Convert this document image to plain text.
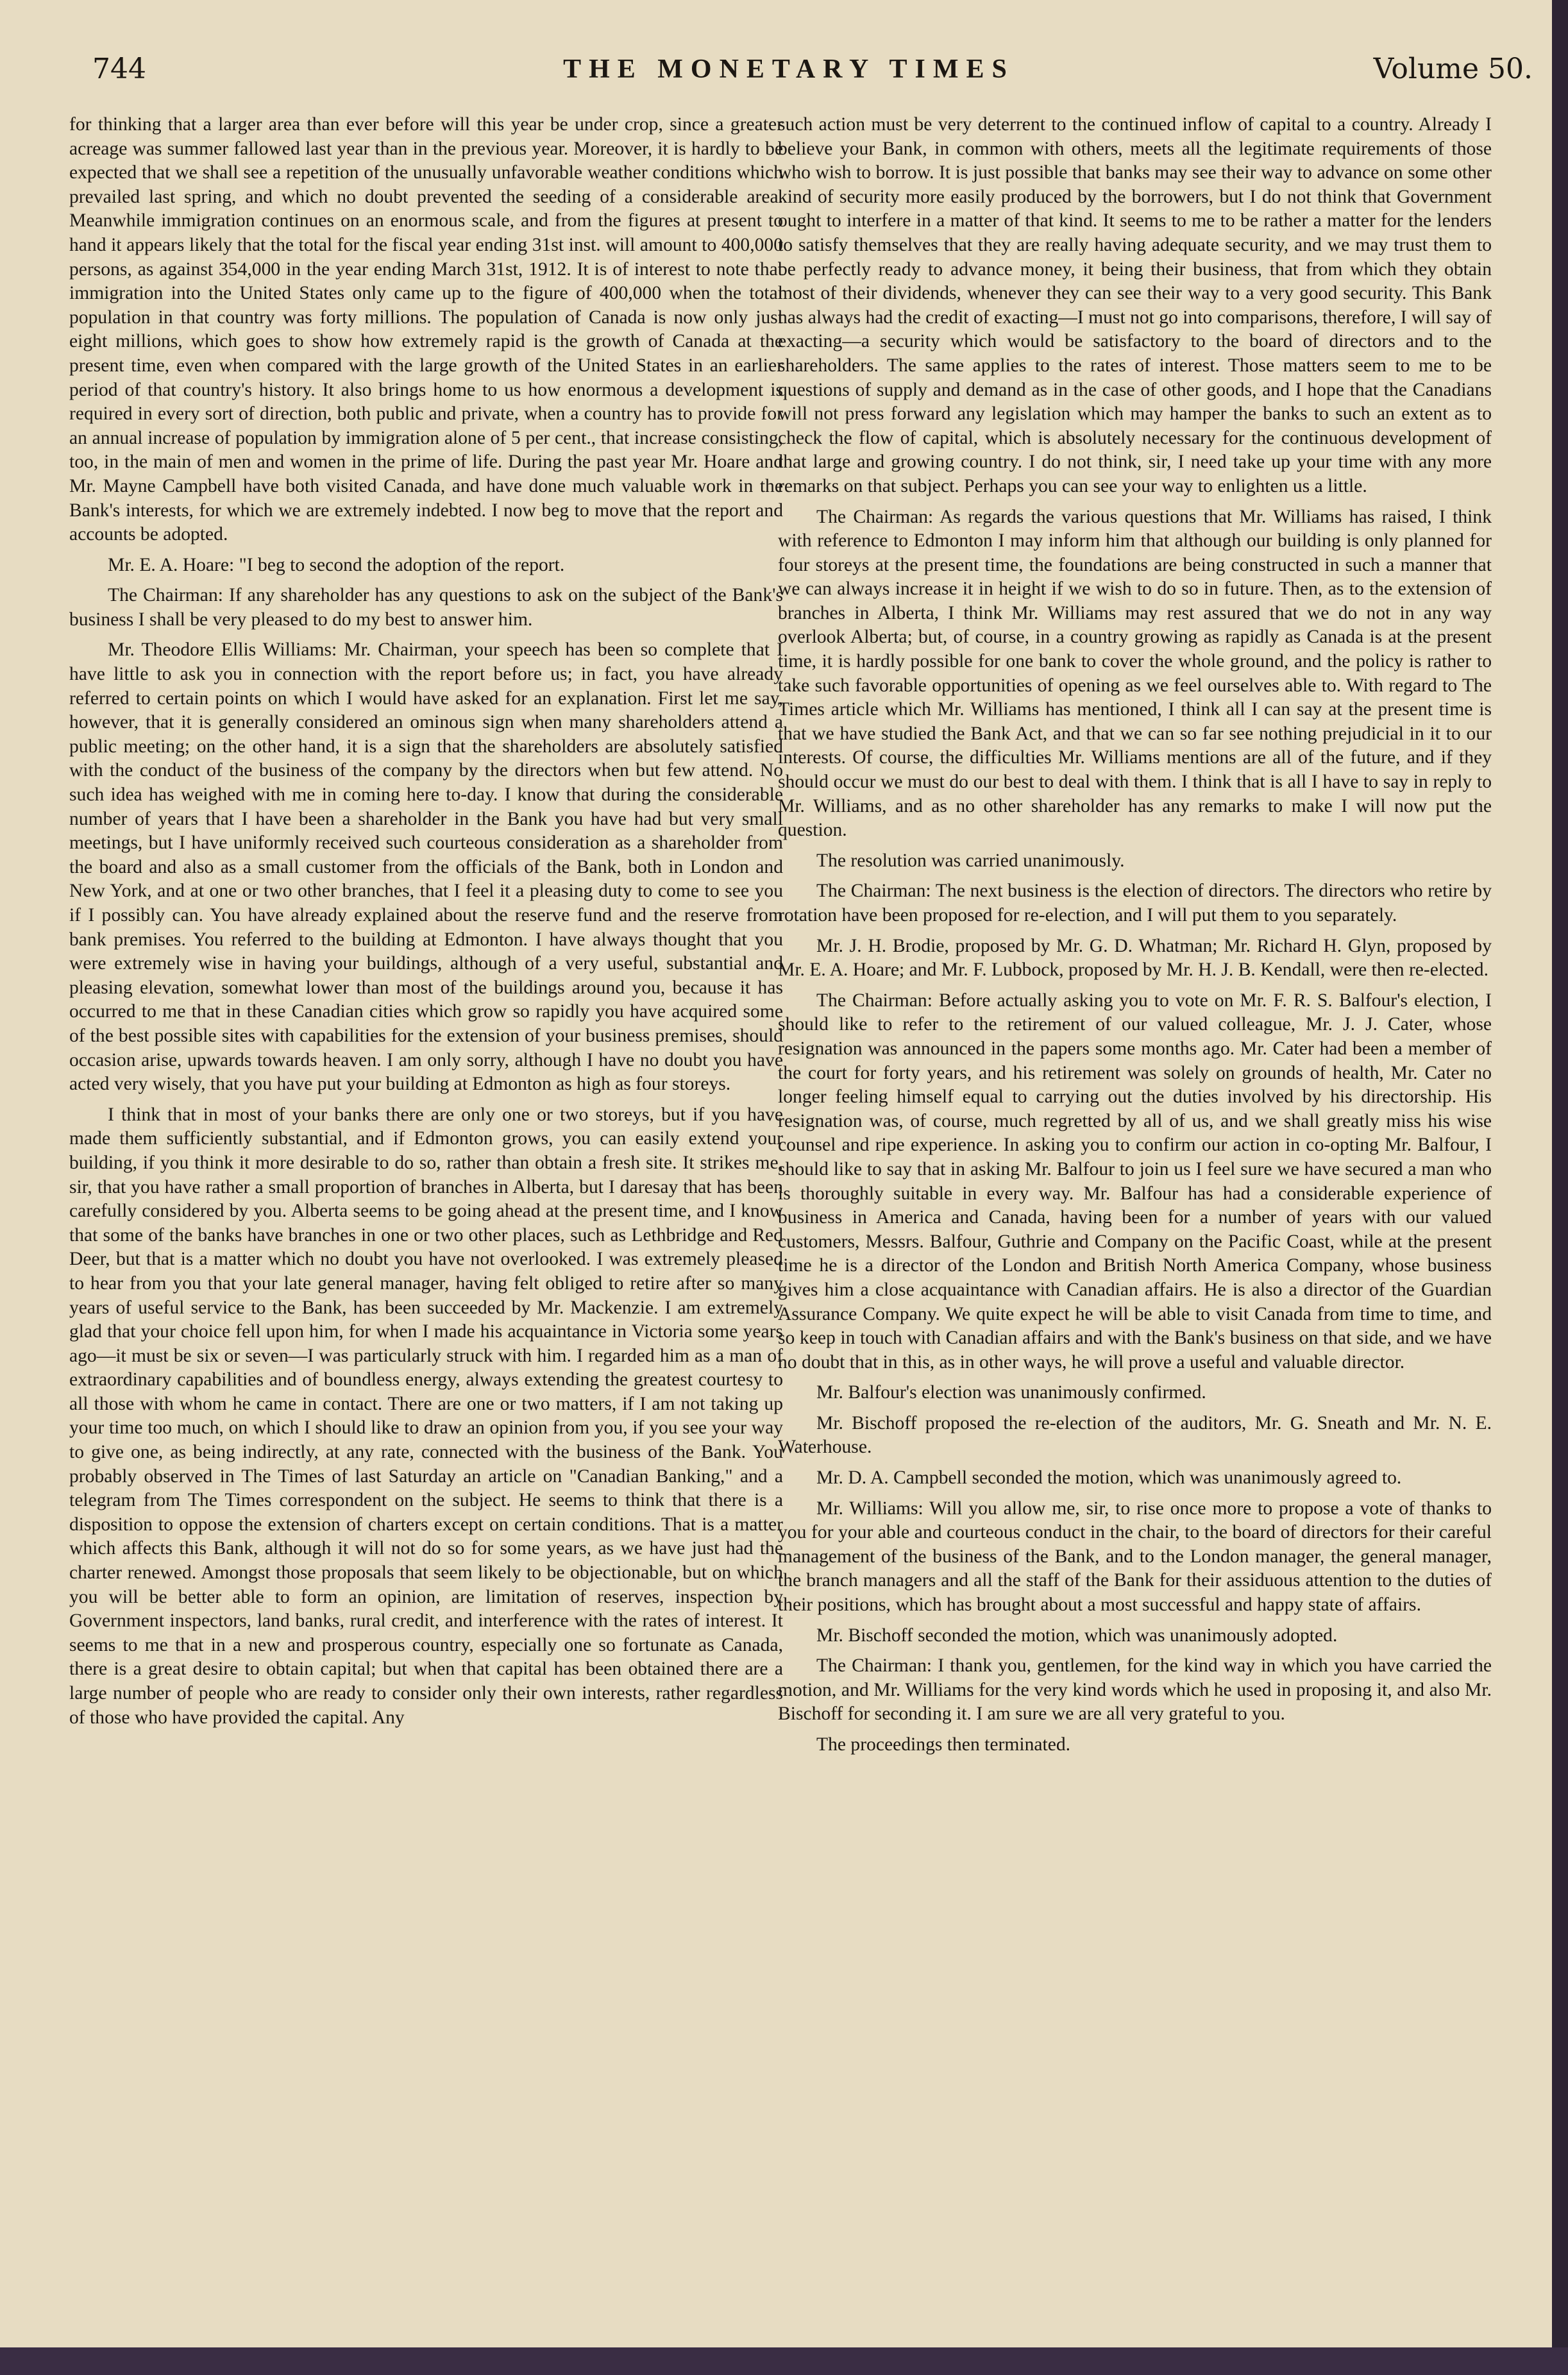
744	THE MONETARY TIMES	Volume 50.

for thinking that a larger area than ever before will this year be under crop, since a greater acreage was summer fallowed last year than in the previous year. Moreover, it is hardly to be expected that we shall see a repetition of the unusually unfavorable weather conditions which prevailed last spring, and which no doubt prevented the seeding of a considerable area. Meanwhile immigration continues on an enormous scale, and from the figures at present to hand it appears likely that the total for the fiscal year ending 31st inst. will amount to 400,000 persons, as against 354,000 in the year ending March 31st, 1912. It is of interest to note that immigration into the United States only came up to the figure of 400,000 when the total population in that country was forty millions. The population of Canada is now only just eight millions, which goes to show how extremely rapid is the growth of Canada at the present time, even when compared with the large growth of the United States in an earlier period of that country's history. It also brings home to us how enormous a development is required in every sort of direction, both public and private, when a country has to provide for an annual increase of population by immigration alone of 5 per cent., that increase consisting, too, in the main of men and women in the prime of life. During the past year Mr. Hoare and Mr. Mayne Campbell have both visited Canada, and have done much valuable work in the Bank's interests, for which we are extremely indebted. I now beg to move that the report and accounts be adopted.

Mr. E. A. Hoare: "I beg to second the adoption of the report.

The Chairman: If any shareholder has any questions to ask on the subject of the Bank's business I shall be very pleased to do my best to answer him.

Mr. Theodore Ellis Williams: Mr. Chairman, your speech has been so complete that I have little to ask you in connection with the report before us; in fact, you have already referred to certain points on which I would have asked for an explanation. First let me say, however, that it is generally considered an ominous sign when many shareholders attend a public meeting; on the other hand, it is a sign that the shareholders are absolutely satisfied with the conduct of the business of the company by the directors when but few attend. No such idea has weighed with me in coming here to-day. I know that during the considerable number of years that I have been a shareholder in the Bank you have had but very small meetings, but I have uniformly received such courteous consideration as a shareholder from the board and also as a small customer from the officials of the Bank, both in London and New York, and at one or two other branches, that I feel it a pleasing duty to come to see you if I possibly can. You have already explained about the reserve fund and the reserve from bank premises. You referred to the building at Edmonton. I have always thought that you were extremely wise in having your buildings, although of a very useful, substantial and pleasing elevation, somewhat lower than most of the buildings around you, because it has occurred to me that in these Canadian cities which grow so rapidly you have acquired some of the best possible sites with capabilities for the extension of your business premises, should occasion arise, upwards towards heaven. I am only sorry, although I have no doubt you have acted very wisely, that you have put your building at Edmonton as high as four storeys.

I think that in most of your banks there are only one or two storeys, but if you have made them sufficiently substantial, and if Edmonton grows, you can easily extend your building, if you think it more desirable to do so, rather than obtain a fresh site. It strikes me, sir, that you have rather a small proportion of branches in Alberta, but I daresay that has been carefully considered by you. Alberta seems to be going ahead at the present time, and I know that some of the banks have branches in one or two other places, such as Lethbridge and Red Deer, but that is a matter which no doubt you have not overlooked. I was extremely pleased to hear from you that your late general manager, having felt obliged to retire after so many years of useful service to the Bank, has been succeeded by Mr. Mackenzie. I am extremely glad that your choice fell upon him, for when I made his acquaintance in Victoria some years ago—it must be six or seven—I was particularly struck with him. I regarded him as a man of extraordinary capabilities and of boundless energy, always extending the greatest courtesy to all those with whom he came in contact. There are one or two matters, if I am not taking up your time too much, on which I should like to draw an opinion from you, if you see your way to give one, as being indirectly, at any rate, connected with the business of the Bank. You probably observed in The Times of last Saturday an article on "Canadian Banking," and a telegram from The Times correspondent on the subject. He seems to think that there is a disposition to oppose the extension of charters except on certain conditions. That is a matter which affects this Bank, although it will not do so for some years, as we have just had the charter renewed. Amongst those proposals that seem likely to be objectionable, but on which you will be better able to form an opinion, are limitation of reserves, inspection by Government inspectors, land banks, rural credit, and interference with the rates of interest. It seems to me that in a new and prosperous country, especially one so fortunate as Canada, there is a great desire to obtain capital; but when that capital has been obtained there are a large number of people who are ready to consider only their own interests, rather regardless of those who have provided the capital. Any

such action must be very deterrent to the continued inflow of capital to a country. Already I believe your Bank, in common with others, meets all the legitimate requirements of those who wish to borrow. It is just possible that banks may see their way to advance on some other kind of security more easily produced by the borrowers, but I do not think that Government ought to interfere in a matter of that kind. It seems to me to be rather a matter for the lenders to satisfy themselves that they are really having adequate security, and we may trust them to be perfectly ready to advance money, it being their business, that from which they obtain most of their dividends, whenever they can see their way to a very good security. This Bank has always had the credit of exacting—I must not go into comparisons, therefore, I will say of exacting—a security which would be satisfactory to the board of directors and to the shareholders. The same applies to the rates of interest. Those matters seem to me to be questions of supply and demand as in the case of other goods, and I hope that the Canadians will not press forward any legislation which may hamper the banks to such an extent as to check the flow of capital, which is absolutely necessary for the continuous development of that large and growing country. I do not think, sir, I need take up your time with any more remarks on that subject. Perhaps you can see your way to enlighten us a little.

The Chairman: As regards the various questions that Mr. Williams has raised, I think with reference to Edmonton I may inform him that although our building is only planned for four storeys at the present time, the foundations are being constructed in such a manner that we can always increase it in height if we wish to do so in future. Then, as to the extension of branches in Alberta, I think Mr. Williams may rest assured that we do not in any way overlook Alberta; but, of course, in a country growing as rapidly as Canada is at the present time, it is hardly possible for one bank to cover the whole ground, and the policy is rather to take such favorable opportunities of opening as we feel ourselves able to. With regard to The Times article which Mr. Williams has mentioned, I think all I can say at the present time is that we have studied the Bank Act, and that we can so far see nothing prejudicial in it to our interests. Of course, the difficulties Mr. Williams mentions are all of the future, and if they should occur we must do our best to deal with them. I think that is all I have to say in reply to Mr. Williams, and as no other shareholder has any remarks to make I will now put the question.

The resolution was carried unanimously.

The Chairman: The next business is the election of directors. The directors who retire by rotation have been proposed for re-election, and I will put them to you separately.

Mr. J. H. Brodie, proposed by Mr. G. D. Whatman; Mr. Richard H. Glyn, proposed by Mr. E. A. Hoare; and Mr. F. Lubbock, proposed by Mr. H. J. B. Kendall, were then re-elected.

The Chairman: Before actually asking you to vote on Mr. F. R. S. Balfour's election, I should like to refer to the retirement of our valued colleague, Mr. J. J. Cater, whose resignation was announced in the papers some months ago. Mr. Cater had been a member of the court for forty years, and his retirement was solely on grounds of health, Mr. Cater no longer feeling himself equal to carrying out the duties involved by his directorship. His resignation was, of course, much regretted by all of us, and we shall greatly miss his wise counsel and ripe experience. In asking you to confirm our action in co-opting Mr. Balfour, I should like to say that in asking Mr. Balfour to join us I feel sure we have secured a man who is thoroughly suitable in every way. Mr. Balfour has had a considerable experience of business in America and Canada, having been for a number of years with our valued customers, Messrs. Balfour, Guthrie and Company on the Pacific Coast, while at the present time he is a director of the London and British North America Company, whose business gives him a close acquaintance with Canadian affairs. He is also a director of the Guardian Assurance Company. We quite expect he will be able to visit Canada from time to time, and so keep in touch with Canadian affairs and with the Bank's business on that side, and we have no doubt that in this, as in other ways, he will prove a useful and valuable director.

Mr. Balfour's election was unanimously confirmed.

Mr. Bischoff proposed the re-election of the auditors, Mr. G. Sneath and Mr. N. E. Waterhouse.

Mr. D. A. Campbell seconded the motion, which was unanimously agreed to.

Mr. Williams: Will you allow me, sir, to rise once more to propose a vote of thanks to you for your able and courteous conduct in the chair, to the board of directors for their careful management of the business of the Bank, and to the London manager, the general manager, the branch managers and all the staff of the Bank for their assiduous attention to the duties of their positions, which has brought about a most successful and happy state of affairs.

Mr. Bischoff seconded the motion, which was unanimously adopted.

The Chairman: I thank you, gentlemen, for the kind way in which you have carried the motion, and Mr. Williams for the very kind words which he used in proposing it, and also Mr. Bischoff for seconding it. I am sure we are all very grateful to you.

The proceedings then terminated.
